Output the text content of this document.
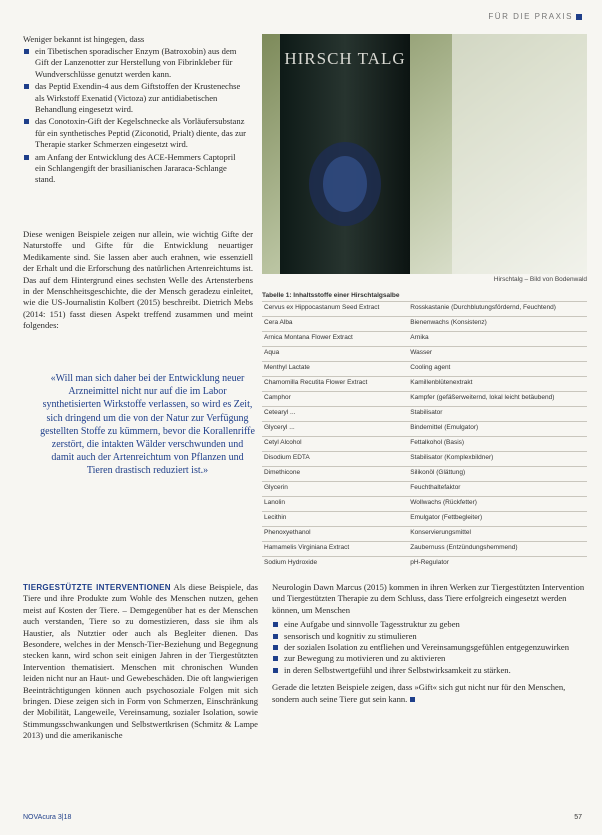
FÜR DIE PRAXIS
Weniger bekannt ist hingegen, dass
ein Tibetischen sporadischer Enzym (Batroxobin) aus dem Gift der Lanzenotter zur Herstellung von Fibrinkleber für Wundverschlüsse genutzt werden kann.
das Peptid Exendin-4 aus dem Giftstoffen der Krustenechse als Wirkstoff Exenatid (Victoza) zur antidiabetischen Behandlung eingesetzt wird.
das Conotoxin-Gift der Kegelschnecke als Vorläufersubstanz für ein synthetisches Peptid (Ziconotid, Prialt) diente, das zur Therapie starker Schmerzen eingesetzt wird.
am Anfang der Entwicklung des ACE-Hemmers Captopril ein Schlangengift der brasilianischen Jararaca-Schlange stand.
Diese wenigen Beispiele zeigen nur allein, wie wichtig Gifte der Naturstoffe und Gifte für die Entwicklung neuartiger Medikamente sind. Sie lassen aber auch erahnen, wie essenziell der Erhalt und die Erforschung des natürlichen Artenreichtums ist. Das auf dem Hintergrund eines sechsten Welle des Artensterbens in der Menschheitsgeschichte, die der Mensch geradezu einleitet, wie die US-Journalistin Kolbert (2015) beschreibt. Dietrich Mebs (2014: 151) fasst diesen Aspekt treffend zusammen und meint folgendes:
«Will man sich daher bei der Entwicklung neuer Arzneimittel nicht nur auf die im Labor synthetisierten Wirkstoffe verlassen, so wird es Zeit, sich dringend um die von der Natur zur Verfügung gestellten Stoffe zu kümmern, bevor die Korallenriffe zerstört, die intakten Wälder verschwunden und damit auch der Artenreichtum von Pflanzen und Tieren drastisch reduziert ist.»
HIRSCH TALG
Hirschtalg – Bild von Bodenwald
Tabelle 1: Inhaltsstoffe einer Hirschtalgsalbe
Cervus ex Hippocastanum Seed Extract	Rosskastanie (Durchblutungsfördernd, Feuchtend)
Cera Alba	Bienenwachs (Konsistenz)
Arnica Montana Flower Extract	Arnika
Aqua	Wasser
Menthyl Lactate	Cooling agent
Chamomilla Recutita Flower Extract	Kamillenblütenextrakt
Camphor	Kampfer (gefäßerweiternd, lokal leicht betäubend)
Cetearyl ...	Stabilisator
Glyceryl ...	Bindemittel (Emulgator)
Cetyl Alcohol	Fettalkohol (Basis)
Disodium EDTA	Stabilisator (Komplexbildner)
Dimethicone	Silikonöl (Glättung)
Glycerin	Feuchthaltefaktor
Lanolin	Wollwachs (Rückfetter)
Lecithin	Emulgator (Fettbegleiter)
Phenoxyethanol	Konservierungsmittel
Hamamelis Virginiana Extract	Zaubernuss (Entzündungshemmend)
Sodium Hydroxide	pH-Regulator
TIERGESTÜTZTE INTERVENTIONEN Als diese Beispiele, das Tiere und ihre Produkte zum Wohle des Menschen nutzen, gehen meist auf Kosten der Tiere. – Demgegenüber hat es der Menschen auch verstanden, Tiere so zu domestizieren, dass sie ihm als Haustier, als Nutztier oder auch als Begleiter dienen. Das Besondere, welches in der Mensch-Tier-Beziehung und Begegnung stecken kann, wird schon seit einigen Jahren in der Tiergestützten Intervention thematisiert. Menschen mit chronischen Wunden leiden nicht nur an Haut- und Gewebeschäden. Die oft langwierigen Beeinträchtigungen können auch psychosoziale Folgen mit sich bringen. Diese zeigen sich in Form von Schmerzen, Einschränkung der Mobilität, Langeweile, Vereinsamung, sozialer Isolation, sowie Stimmungsschwankungen und Selbstwertkrisen (Schmitz & Lampe 2013) und die amerikanische
Neurologin Dawn Marcus (2015) kommen in ihren Werken zur Tiergestützten Intervention und Tiergestützten Therapie zu dem Schluss, dass Tiere erfolgreich eingesetzt werden können, um Menschen
eine Aufgabe und sinnvolle Tagesstruktur zu geben
sensorisch und kognitiv zu stimulieren
der sozialen Isolation zu entfliehen und Vereinsamungsgefühlen entgegenzuwirken
zur Bewegung zu motivieren und zu aktivieren
in deren Selbstwertgefühl und ihrer Selbstwirksamkeit zu stärken.
Gerade die letzten Beispiele zeigen, dass »Gift« sich gut nicht nur für den Menschen, sondern auch seine Tiere gut sein kann.
NOVAcura 3|18	57
